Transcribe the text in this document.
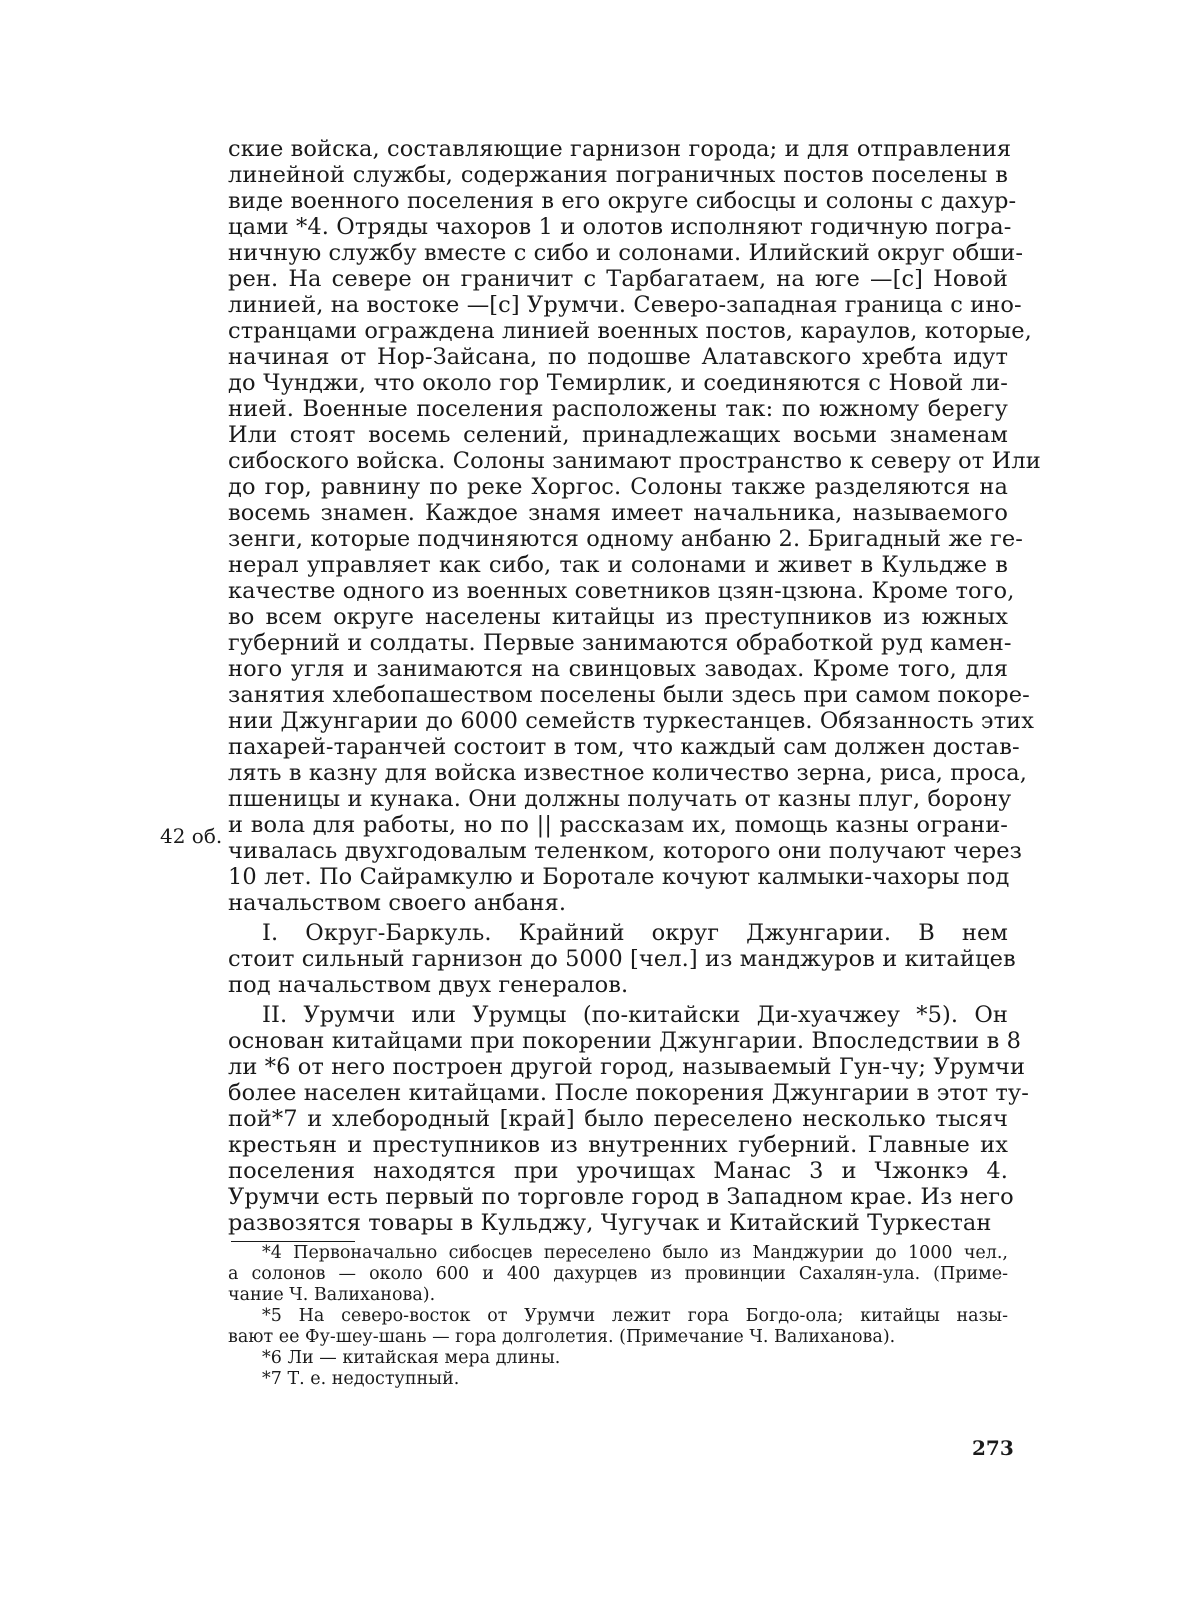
ские войска, составляющие гарнизон города; и для отправления
линейной службы, содержания пограничных постов поселены в
виде военного поселения в его округе сибосцы и солоны с дахур-
цами *4. Отряды чахоров 1 и олотов исполняют годичную погра-
ничную службу вместе с сибо и солонами. Илийский округ обши-
рен. На севере он граничит с Тарбагатаем, на юге —[с] Новой
линией, на востоке —[с] Урумчи. Северо-западная граница с ино-
странцами ограждена линией военных постов, караулов, которые,
начиная от Нор-Зайсана, по подошве Алатавского хребта идут
до Чунджи, что около гор Темирлик, и соединяются с Новой ли-
нией. Военные поселения расположены так: по южному берегу
Или стоят восемь селений, принадлежащих восьми знаменам
сибоского войска. Солоны занимают пространство к северу от Или
до гор, равнину по реке Хоргос. Солоны также разделяются на
восемь знамен. Каждое знамя имеет начальника, называемого
зенги, которые подчиняются одному анбаню 2. Бригадный же ге-
нерал управляет как сибо, так и солонами и живет в Кульдже в
качестве одного из военных советников цзян-цзюна. Кроме того,
во всем округе населены китайцы из преступников из южных
губерний и солдаты. Первые занимаются обработкой руд камен-
ного угля и занимаются на свинцовых заводах. Кроме того, для
занятия хлебопашеством поселены были здесь при самом покоре-
нии Джунгарии до 6000 семейств туркестанцев. Обязанность этих
пахарей-таранчей состоит в том, что каждый сам должен достав-
лять в казну для войска известное количество зерна, риса, проса,
пшеницы и кунака. Они должны получать от казны плуг, борону
и вола для работы, но по || рассказам их, помощь казны ограни-
чивалась двухгодовалым теленком, которого они получают через
10 лет. По Сайрамкулю и Боротале кочуют калмыки-чахоры под
начальством своего анбаня.
I. Округ-Баркуль. Крайний округ Джунгарии. В нем
стоит сильный гарнизон до 5000 [чел.] из манджуров и китайцев
под начальством двух генералов.
II. Урумчи или Урумцы (по-китайски Ди-хуачжеу *5). Он
основан китайцами при покорении Джунгарии. Впоследствии в 8
ли *6 от него построен другой город, называемый Гун-чу; Урумчи
более населен китайцами. После покорения Джунгарии в этот ту-
пой*7 и хлебородный [край] было переселено несколько тысяч
крестьян и преступников из внутренних губерний. Главные их
поселения находятся при урочищах Манас 3 и Чжонкэ 4.
Урумчи есть первый по торговле город в Западном крае. Из него
развозятся товары в Кульджу, Чугучак и Китайский Туркестан
42 об.
*4 Первоначально сибосцев переселено было из Манджурии до 1000 чел.,
а солонов — около 600 и 400 дахурцев из провинции Сахалян-ула. (Приме-
чание Ч. Валиханова).
*5 На северо-восток от Урумчи лежит гора Богдо-ола; китайцы назы-
вают ее Фу-шеу-шань — гора долголетия. (Примечание Ч. Валиханова).
*6 Ли — китайская мера длины.
*7 Т. е. недоступный.
273
